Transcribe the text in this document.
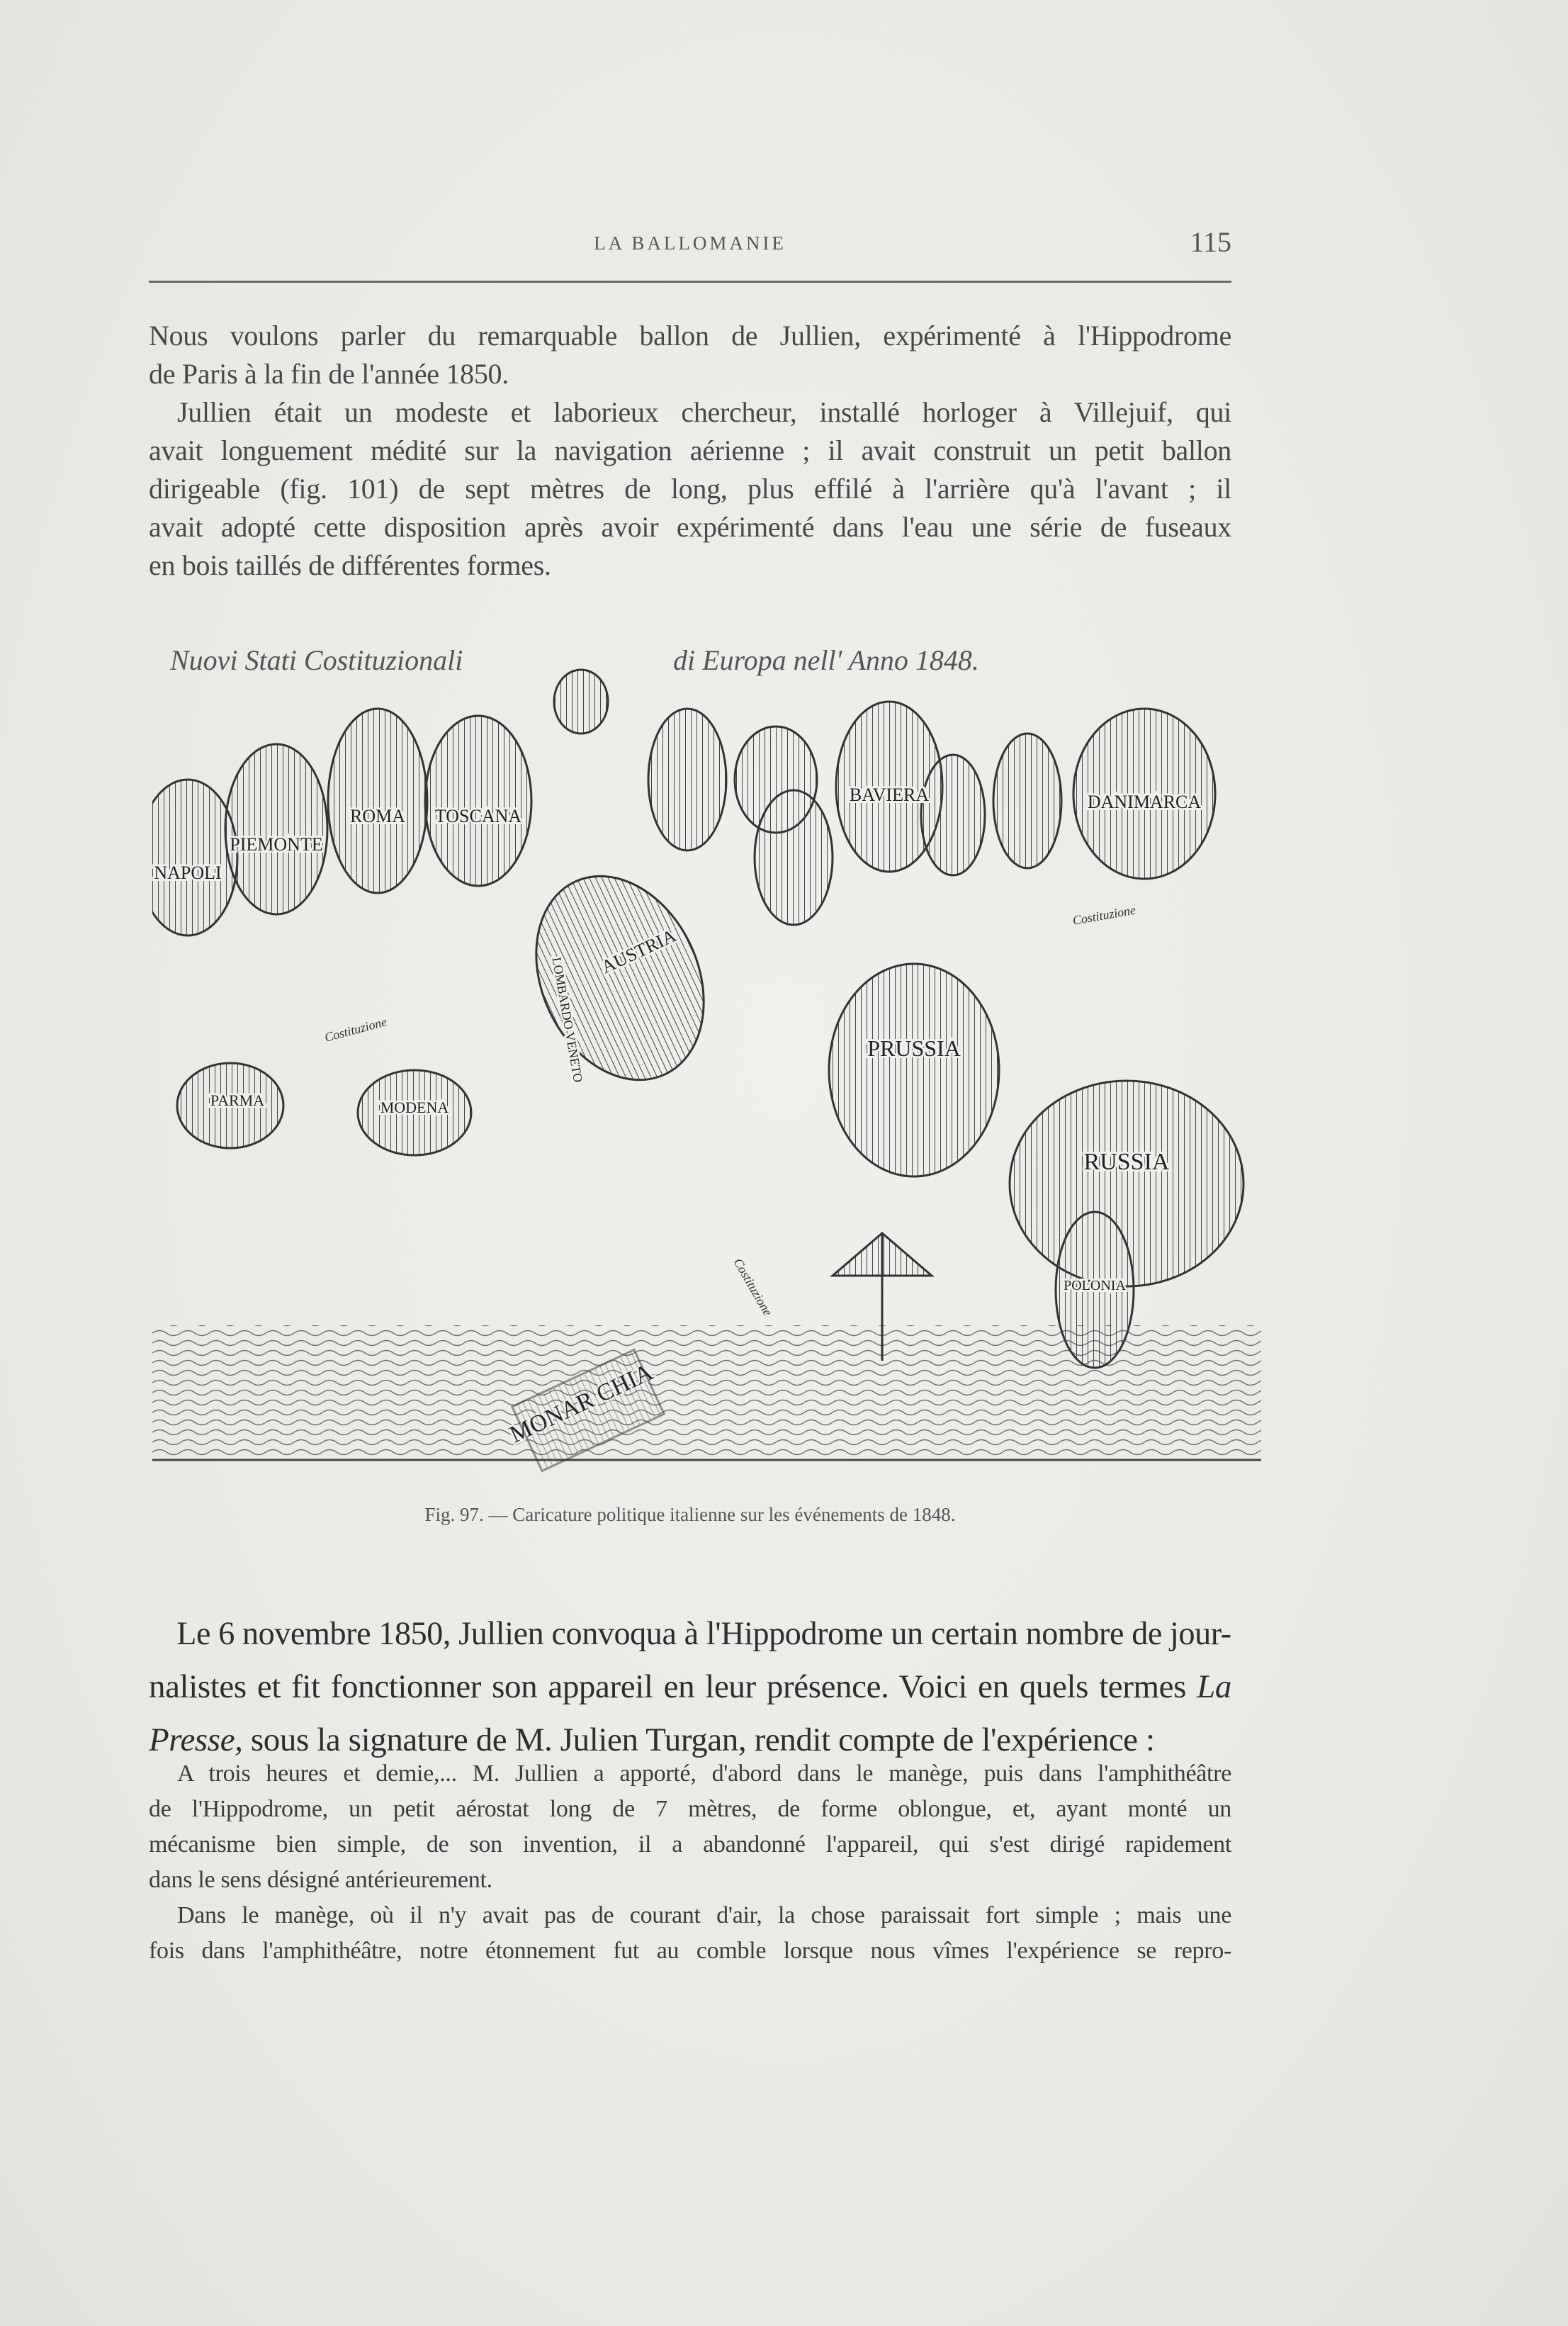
LA BALLOMANIE	115
Nous voulons parler du remarquable ballon de Jullien, expérimenté à l'Hippodrome
de Paris à la fin de l'année 1850.
Jullien était un modeste et laborieux chercheur, installé horloger à Villejuif, qui
avait longuement médité sur la navigation aérienne ; il avait construit un petit ballon
dirigeable (fig. 101) de sept mètres de long, plus effilé à l'arrière qu'à l'avant ; il
avait adopté cette disposition après avoir expérimenté dans l'eau une série de fuseaux
en bois taillés de différentes formes.
Nuovi Stati Costituzionali	di Europa nell' Anno 1848.
NAPOLI
PIEMONTE
ROMA TOSCANA
BAVIERA	DANIMARCA
AUSTRIA
PRUSSIA
RUSSIA
POLONIA
PARMA	MODENA
LOMBARDO VENETO
Costituzione
Costituzione
Costituzione
Fig. 97. — Caricature politique italienne sur les événements de 1848.
Le 6 novembre 1850, Jullien convoqua à l'Hippodrome un certain nombre de jour-
nalistes et fit fonctionner son appareil en leur présence. Voici en quels termes La
Presse, sous la signature de M. Julien Turgan, rendit compte de l'expérience :
A trois heures et demie,... M. Jullien a apporté, d'abord dans le manège, puis dans l'amphithéâtre
de l'Hippodrome, un petit aérostat long de 7 mètres, de forme oblongue, et, ayant monté un
mécanisme bien simple, de son invention, il a abandonné l'appareil, qui s'est dirigé rapidement
dans le sens désigné antérieurement.
Dans le manège, où il n'y avait pas de courant d'air, la chose paraissait fort simple ; mais une
fois dans l'amphithéâtre, notre étonnement fut au comble lorsque nous vîmes l'expérience se repro-
